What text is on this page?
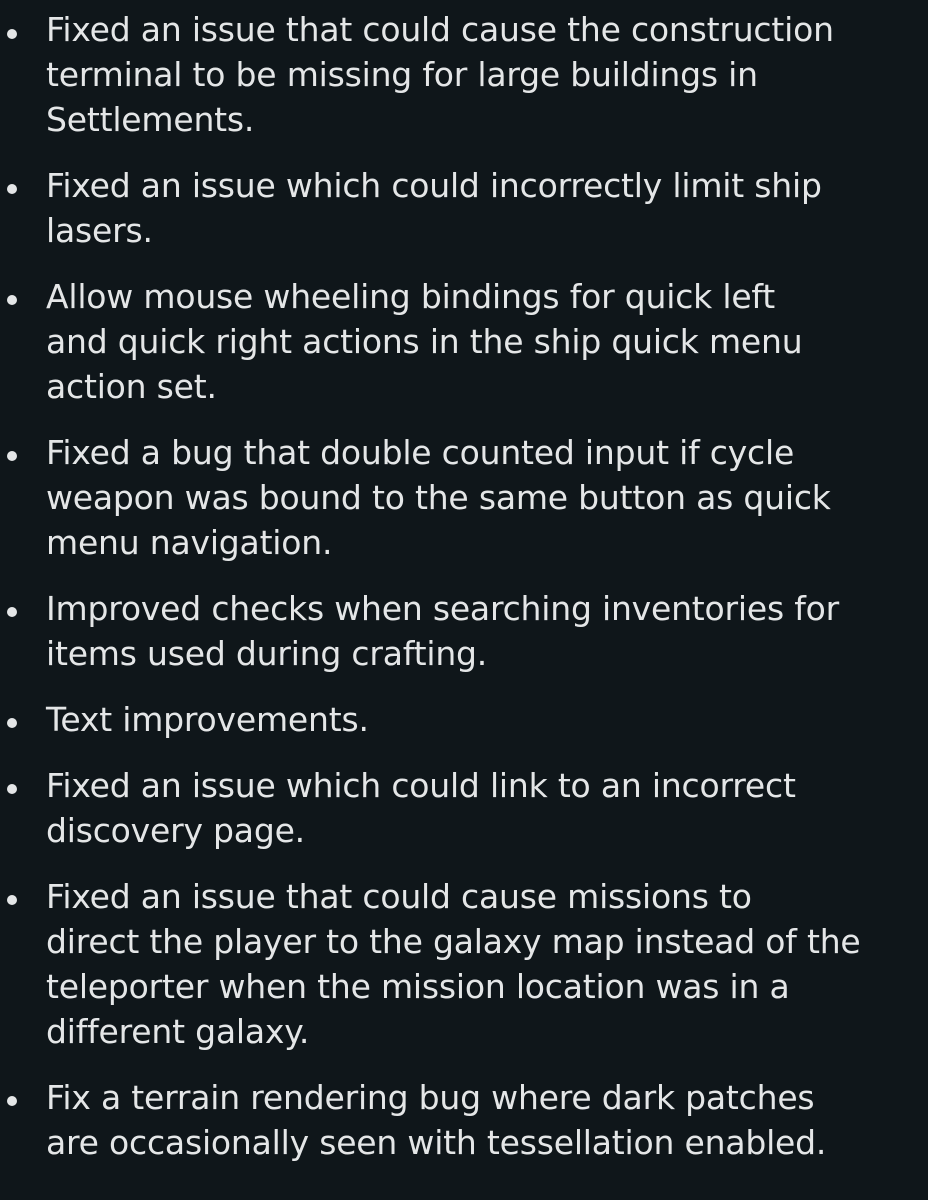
Fixed an issue that could cause the construction
terminal to be missing for large buildings in
Settlements.

Fixed an issue which could incorrectly limit ship
lasers.

Allow mouse wheeling bindings for quick left
and quick right actions in the ship quick menu
action set.

Fixed a bug that double counted input if cycle
weapon was bound to the same button as quick
menu navigation.

Improved checks when searching inventories for
items used during crafting.

Text improvements.

Fixed an issue which could link to an incorrect
discovery page.

Fixed an issue that could cause missions to
direct the player to the galaxy map instead of the
teleporter when the mission location was in a
different galaxy.

Fix a terrain rendering bug where dark patches
are occasionally seen with tessellation enabled.
